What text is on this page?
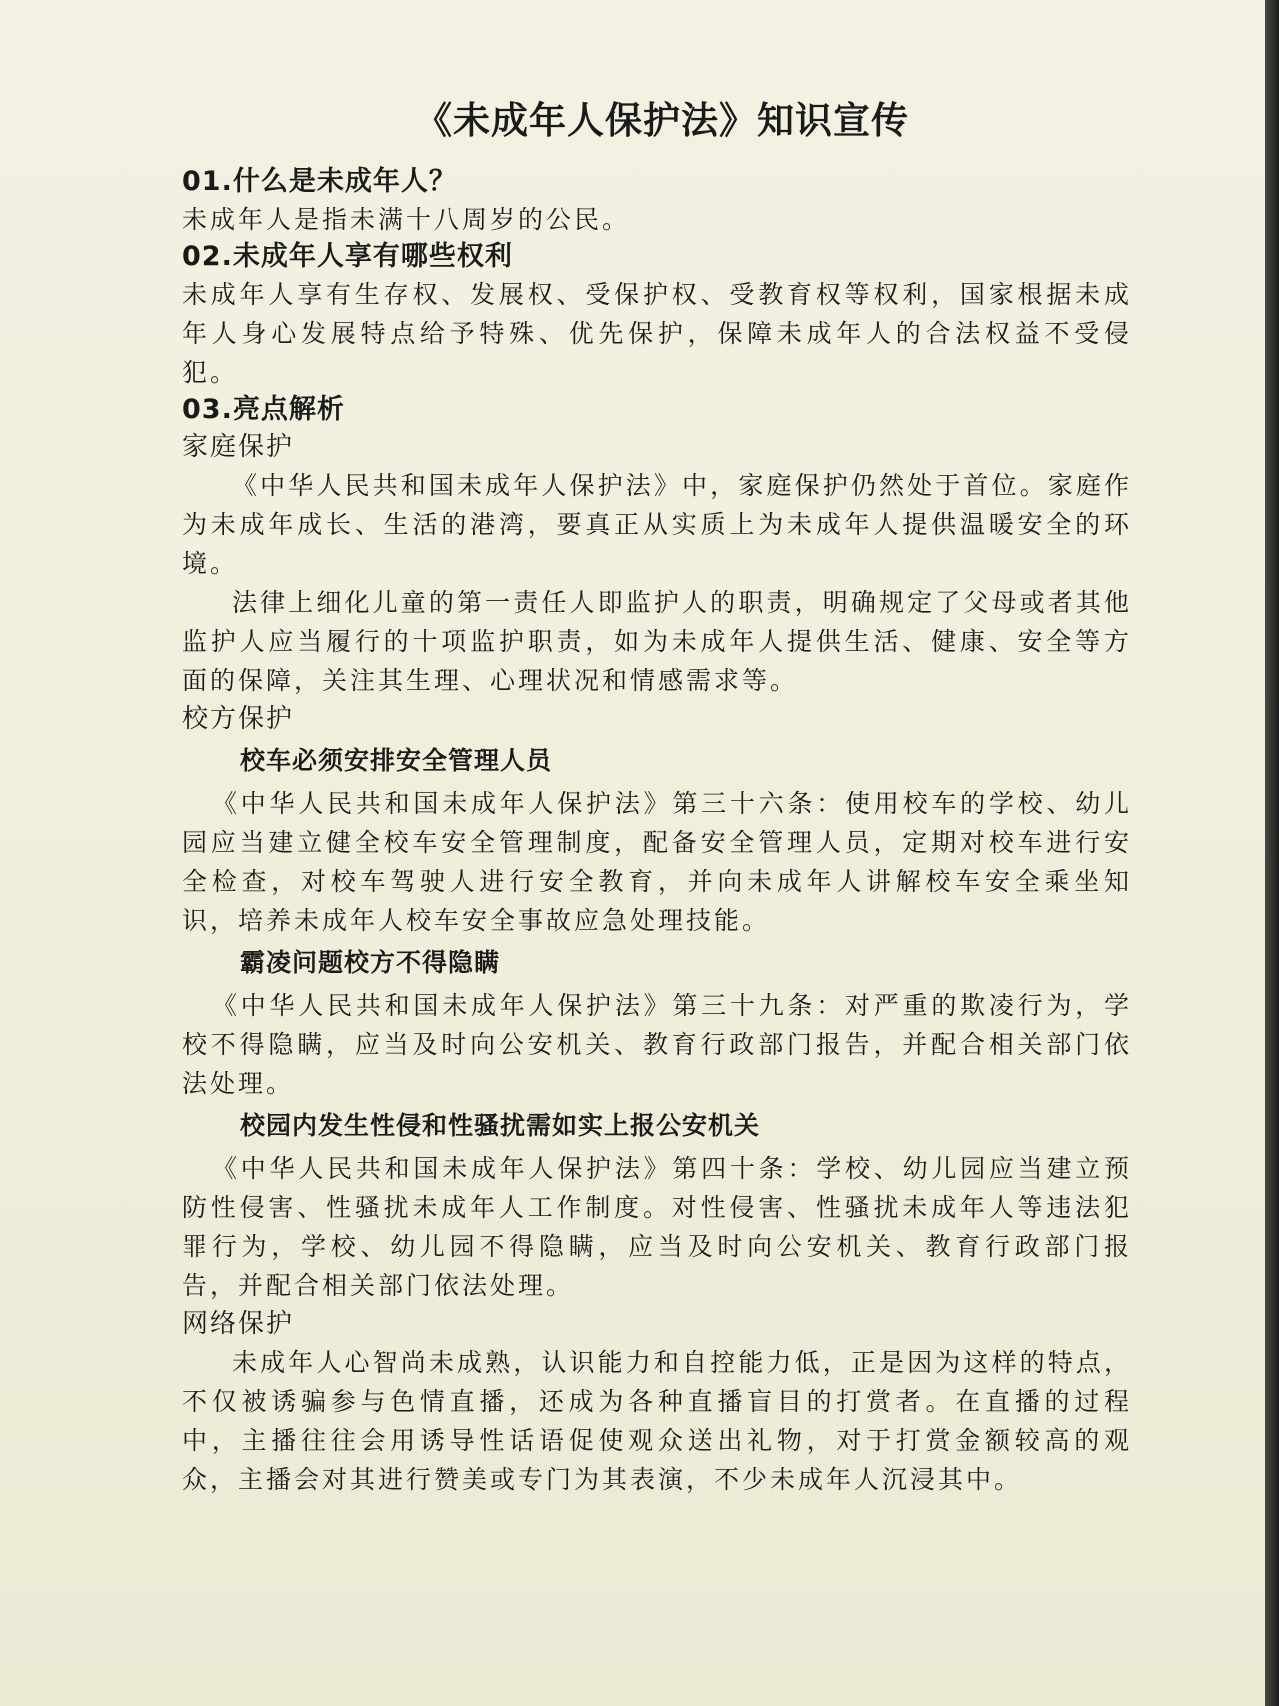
《未成年人保护法》知识宣传
01.什么是未成年人？

未成年人是指未满十八周岁的公民。

02.未成年人享有哪些权利

未成年人享有生存权、发展权、受保护权、受教育权等权利，国家根据未成年人身心发展特点给予特殊、优先保护，保障未成年人的合法权益不受侵犯。

03.亮点解析
家庭保护

《中华人民共和国未成年人保护法》中，家庭保护仍然处于首位。家庭作为未成年成长、生活的港湾，要真正从实质上为未成年人提供温暖安全的环境。

法律上细化儿童的第一责任人即监护人的职责，明确规定了父母或者其他监护人应当履行的十项监护职责，如为未成年人提供生活、健康、安全等方面的保障，关注其生理、心理状况和情感需求等。

校方保护
校车必须安排安全管理人员

《中华人民共和国未成年人保护法》第三十六条：使用校车的学校、幼儿园应当建立健全校车安全管理制度，配备安全管理人员，定期对校车进行安全检查，对校车驾驶人进行安全教育，并向未成年人讲解校车安全乘坐知识，培养未成年人校车安全事故应急处理技能。

霸凌问题校方不得隐瞒

《中华人民共和国未成年人保护法》第三十九条：对严重的欺凌行为，学校不得隐瞒，应当及时向公安机关、教育行政部门报告，并配合相关部门依法处理。

校园内发生性侵和性骚扰需如实上报公安机关

《中华人民共和国未成年人保护法》第四十条：学校、幼儿园应当建立预防性侵害、性骚扰未成年人工作制度。对性侵害、性骚扰未成年人等违法犯罪行为，学校、幼儿园不得隐瞒，应当及时向公安机关、教育行政部门报告，并配合相关部门依法处理。

网络保护

未成年人心智尚未成熟，认识能力和自控能力低，正是因为这样的特点，不仅被诱骗参与色情直播，还成为各种直播盲目的打赏者。在直播的过程中，主播往往会用诱导性话语促使观众送出礼物，对于打赏金额较高的观众，主播会对其进行赞美或专门为其表演，不少未成年人沉浸其中。
